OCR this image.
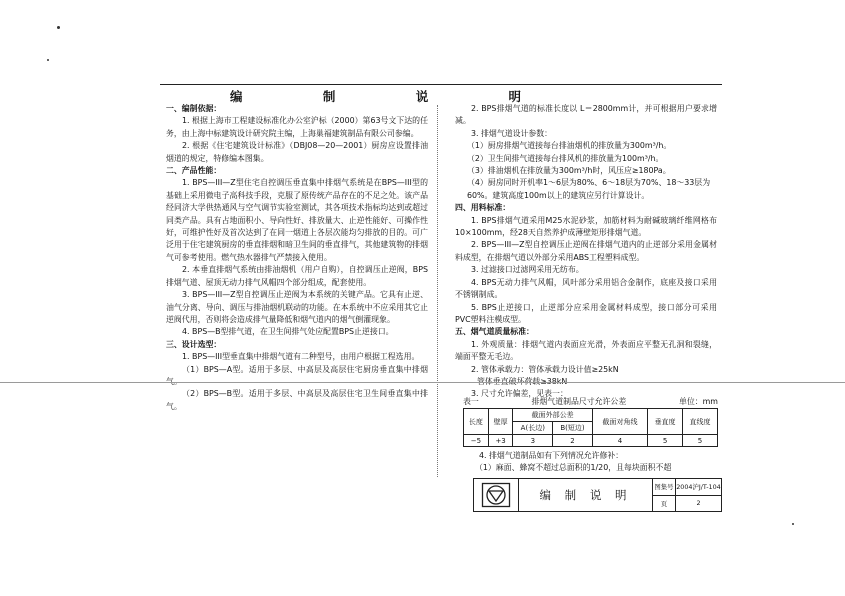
编 制 说 明
一、编制依据：
1. 根据上海市工程建设标准化办公室沪标（2000）第63号文下达的任务，由上海中标建筑设计研究院主编，上海巢福建筑制品有限公司参编。
2. 根据《住宅建筑设计标准》（DBJ08—20—2001）厨房应设置排油烟道的规定，特修编本图集。
二、产品性能：
1. BPS—III—Z型住宅自控调压垂直集中排烟气系统是在BPS—III型的基础上采用微电子高科技手段，克服了原传统产品存在的不足之处。该产品经同济大学供热通风与空气调节实验室测试，其各项技术指标均达到或超过同类产品。具有占地面积小、导向性好、排放量大、止逆性能好、可操作性好，可维护性好及首次达到了在同一烟道上各层次能均匀排放的目的。可广泛用于住宅建筑厨房的垂直排烟和暗卫生间的垂直排气，其他建筑物的排烟气可参考使用。燃气热水器排气严禁接入使用。
2. 本垂直排烟气系统由排油烟机（用户自购），自控调压止逆阀，BPS排烟气道、屋顶无动力排气风帽四个部分组成，配套使用。
3. BPS—III—Z型自控调压止逆阀为本系统的关键产品。它具有止逆、油气分离、导向、调压与排油烟机联动的功能。在本系统中不应采用其它止逆阀代用，否则将会造成排气量降低和烟气道内的烟气倒灌现象。
4. BPS—B型排气道，在卫生间排气处应配置BPS止逆接口。
三、设计选型：
1. BPS—III型垂直集中排烟气道有二种型号，由用户根据工程选用。
（1）BPS—A型。适用于多层、中高层及高层住宅厨房垂直集中排烟气。
（2）BPS—B型。适用于多层、中高层及高层住宅卫生间垂直集中排气。
2. BPS排烟气道的标准长度以 L＝2800mm计，并可根据用户要求增减。
3. 排烟气道设计参数：
（1）厨房排烟气道接每台排油烟机的排放量为300m³/h。
（2）卫生间排气道接每台排风机的排放量为100m³/h。
（3）排油烟机在排放量为300m³/h时，风压应≥180Pa。
（4）厨房同时开机率1～6层为80%、6～18层为70%、18～33层为60%。建筑高度100m以上的建筑应另行计算设计。
四、用料标准：
1. BPS排烟气道采用M25水泥砂浆，加筋材料为耐碱玻璃纤维网格布10×100mm，经28天自然养护成薄壁矩形排烟气道。
2. BPS—III—Z型自控调压止逆阀在排烟气道内的止逆部分采用金属材料成型，在排烟气道以外部分采用ABS工程塑料成型。
3. 过滤接口过滤网采用无纺布。
4. BPS无动力排气风帽，风叶部分采用铝合金制作，底座及接口采用不锈钢制成。
5. BPS止逆接口，止逆部分应采用金属材料成型，接口部分可采用PVC塑料注模成型。
五、烟气道质量标准：
1. 外观质量：排烟气道内表面应光滑，外表面应平整无孔洞和裂缝，端面平整无毛边。
2. 管体承载力：管体承载力设计值≥25kN
管体垂直破坏荷载≥38kN
3. 尺寸允许偏差，见表一：
表一	排烟气道制品尺寸允许公差	单位：mm
长度	壁厚	截面外部公差		截面对角线	垂直度	直线度
		A(长边)	B(短边)			
−5	+3	3	2	4	5	5
4. 排烟气道制品如有下列情况允许修补：
（1）麻面、蜂窝不超过总面积的1/20，且每块面积不超
编 制 说 明
图集号 2004沪J/T-104
页	2
